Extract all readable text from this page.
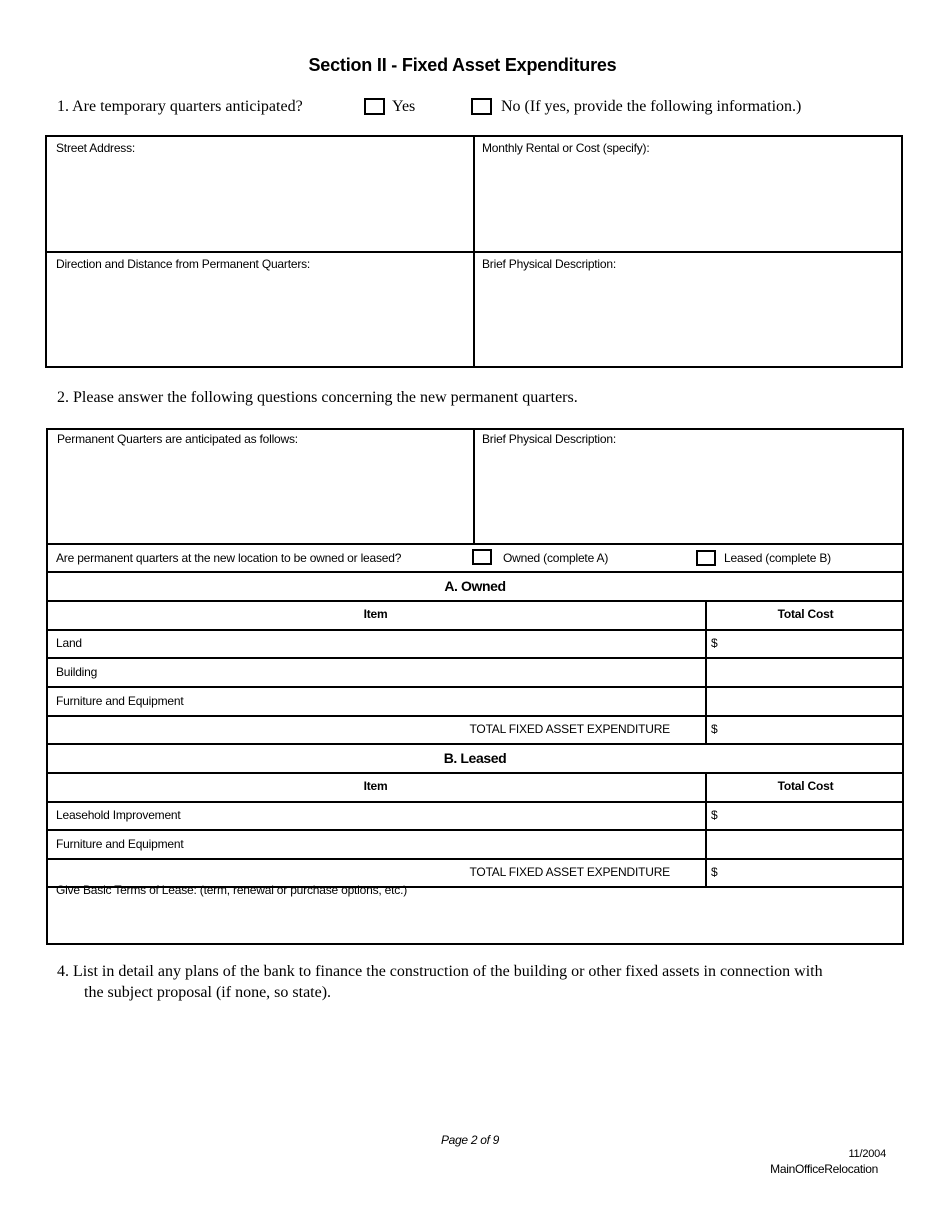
Section II - Fixed Asset Expenditures
1. Are temporary quarters anticipated?	Yes	No (If yes, provide the following information.)
Street Address:	Monthly Rental or Cost (specify):
Direction and Distance from Permanent Quarters:	Brief Physical Description:
2. Please answer the following questions concerning the new permanent quarters.
Permanent Quarters are anticipated as follows:	Brief Physical Description:
Are permanent quarters at the new location to be owned or leased?	Owned (complete A)	Leased (complete B)
A. Owned
Item	Total Cost
Land	$
Building
Furniture and Equipment
TOTAL FIXED ASSET EXPENDITURE	$
B. Leased
Item	Total Cost
Leasehold Improvement	$
Furniture and Equipment
TOTAL FIXED ASSET EXPENDITURE	$
Give Basic Terms of Lease: (term, renewal or purchase options, etc.)
4. List in detail any plans of the bank to finance the construction of the building or other fixed assets in connection with
the subject proposal (if none, so state).
Page 2 of 9
11/2004
MainOfficeRelocation
